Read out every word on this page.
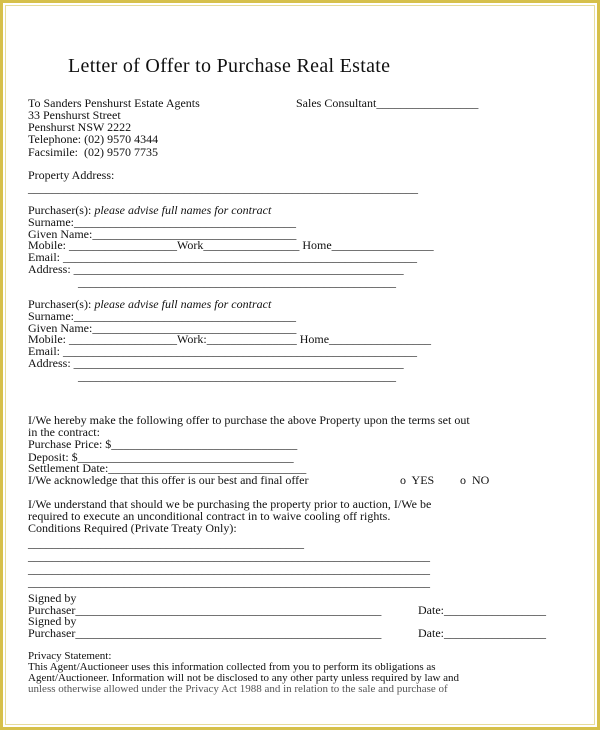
Letter of Offer to Purchase Real Estate
To Sanders Penshurst Estate Agents	Sales Consultant_________________
33 Penshurst Street
Penshurst NSW 2222
Telephone: (02) 9570 4344
Facsimile:  (02) 9570 7735
Property Address:
_________________________________________________________________
Purchaser(s): please advise full names for contract
Surname:_____________________________________
Given Name:__________________________________
Mobile: __________________Work________________ Home_________________
Email: ___________________________________________________________
Address: _______________________________________________________
_____________________________________________________
Purchaser(s): please advise full names for contract
Surname:_____________________________________
Given Name:__________________________________
Mobile: __________________Work:_______________ Home_________________
Email: ___________________________________________________________
Address: _______________________________________________________
_____________________________________________________
I/We hereby make the following offer to purchase the above Property upon the terms set out
in the contract:
Purchase Price: $_______________________________
Deposit: $____________________________________
Settlement Date:_________________________________
I/We acknowledge that this offer is our best and final offer	o  YES o  NO
I/We understand that should we be purchasing the property prior to auction, I/We be
required to execute an unconditional contract in to waive cooling off rights.
Conditions Required (Private Treaty Only):
______________________________________________
___________________________________________________________________
___________________________________________________________________
___________________________________________________________________
Signed by
Purchaser___________________________________________________	Date:_________________
Signed by
Purchaser___________________________________________________	Date:_________________
Privacy Statement:
This Agent/Auctioneer uses this information collected from you to perform its obligations as
Agent/Auctioneer. Information will not be disclosed to any other party unless required by law and
unless otherwise allowed under the Privacy Act 1988 and in relation to the sale and purchase of
